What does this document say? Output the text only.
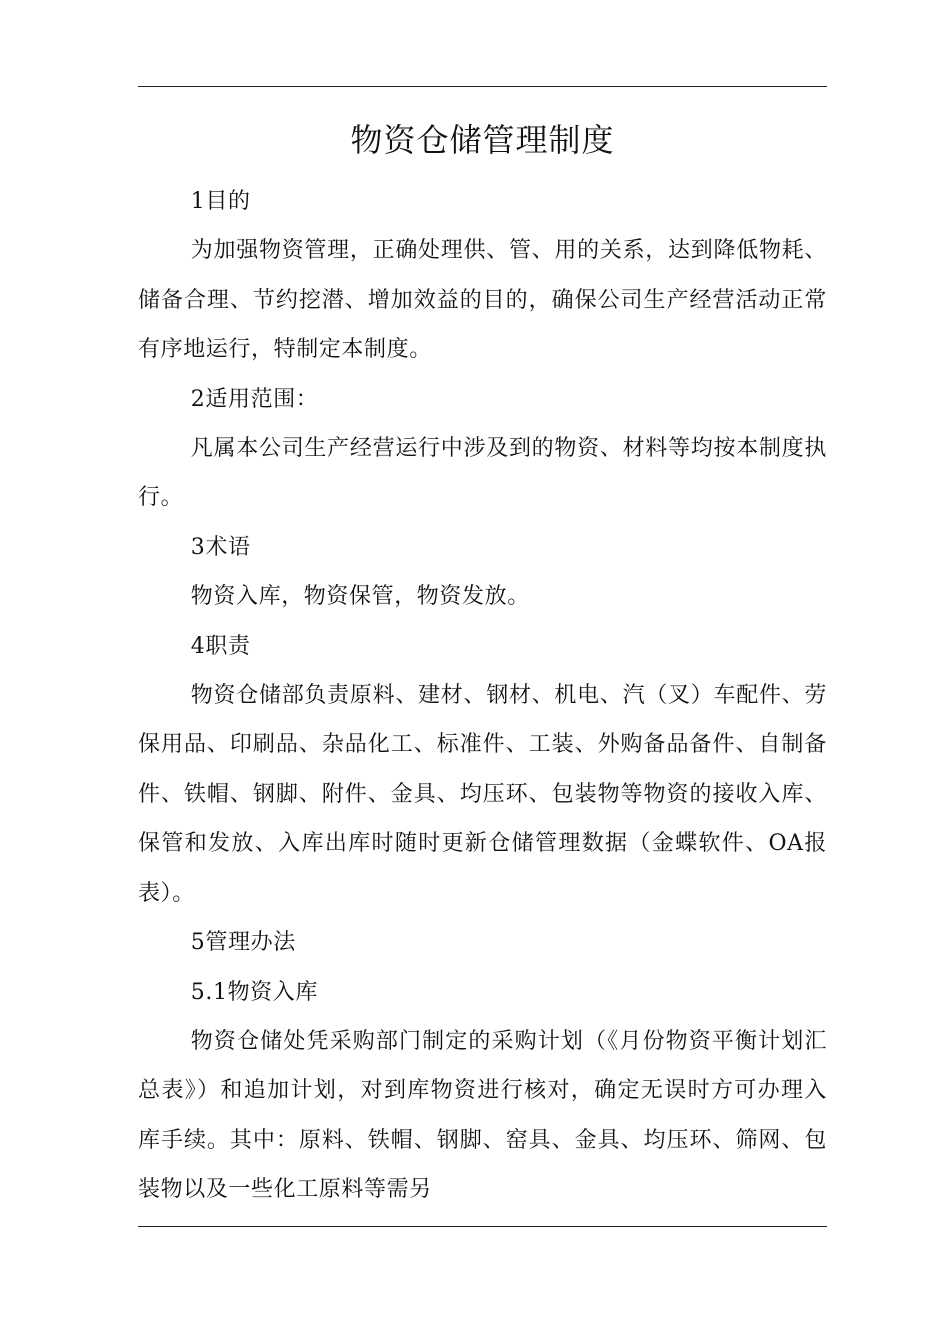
物资仓储管理制度

1目的

为加强物资管理，正确处理供、管、用的关系，达到降低物耗、储备合理、节约挖潜、增加效益的目的，确保公司生产经营活动正常有序地运行，特制定本制度。

2适用范围：

凡属本公司生产经营运行中涉及到的物资、材料等均按本制度执行。

3术语

物资入库，物资保管，物资发放。

4职责

物资仓储部负责原料、建材、钢材、机电、汽（叉）车配件、劳保用品、印刷品、杂品化工、标准件、工装、外购备品备件、自制备件、铁帽、钢脚、附件、金具、均压环、包装物等物资的接收入库、保管和发放、入库出库时随时更新仓储管理数据（金蝶软件、OA报表）。

5管理办法

5.1物资入库

物资仓储处凭采购部门制定的采购计划（《月份物资平衡计划汇总表》）和追加计划，对到库物资进行核对，确定无误时方可办理入库手续。其中：原料、铁帽、钢脚、窑具、金具、均压环、筛网、包装物以及一些化工原料等需另
